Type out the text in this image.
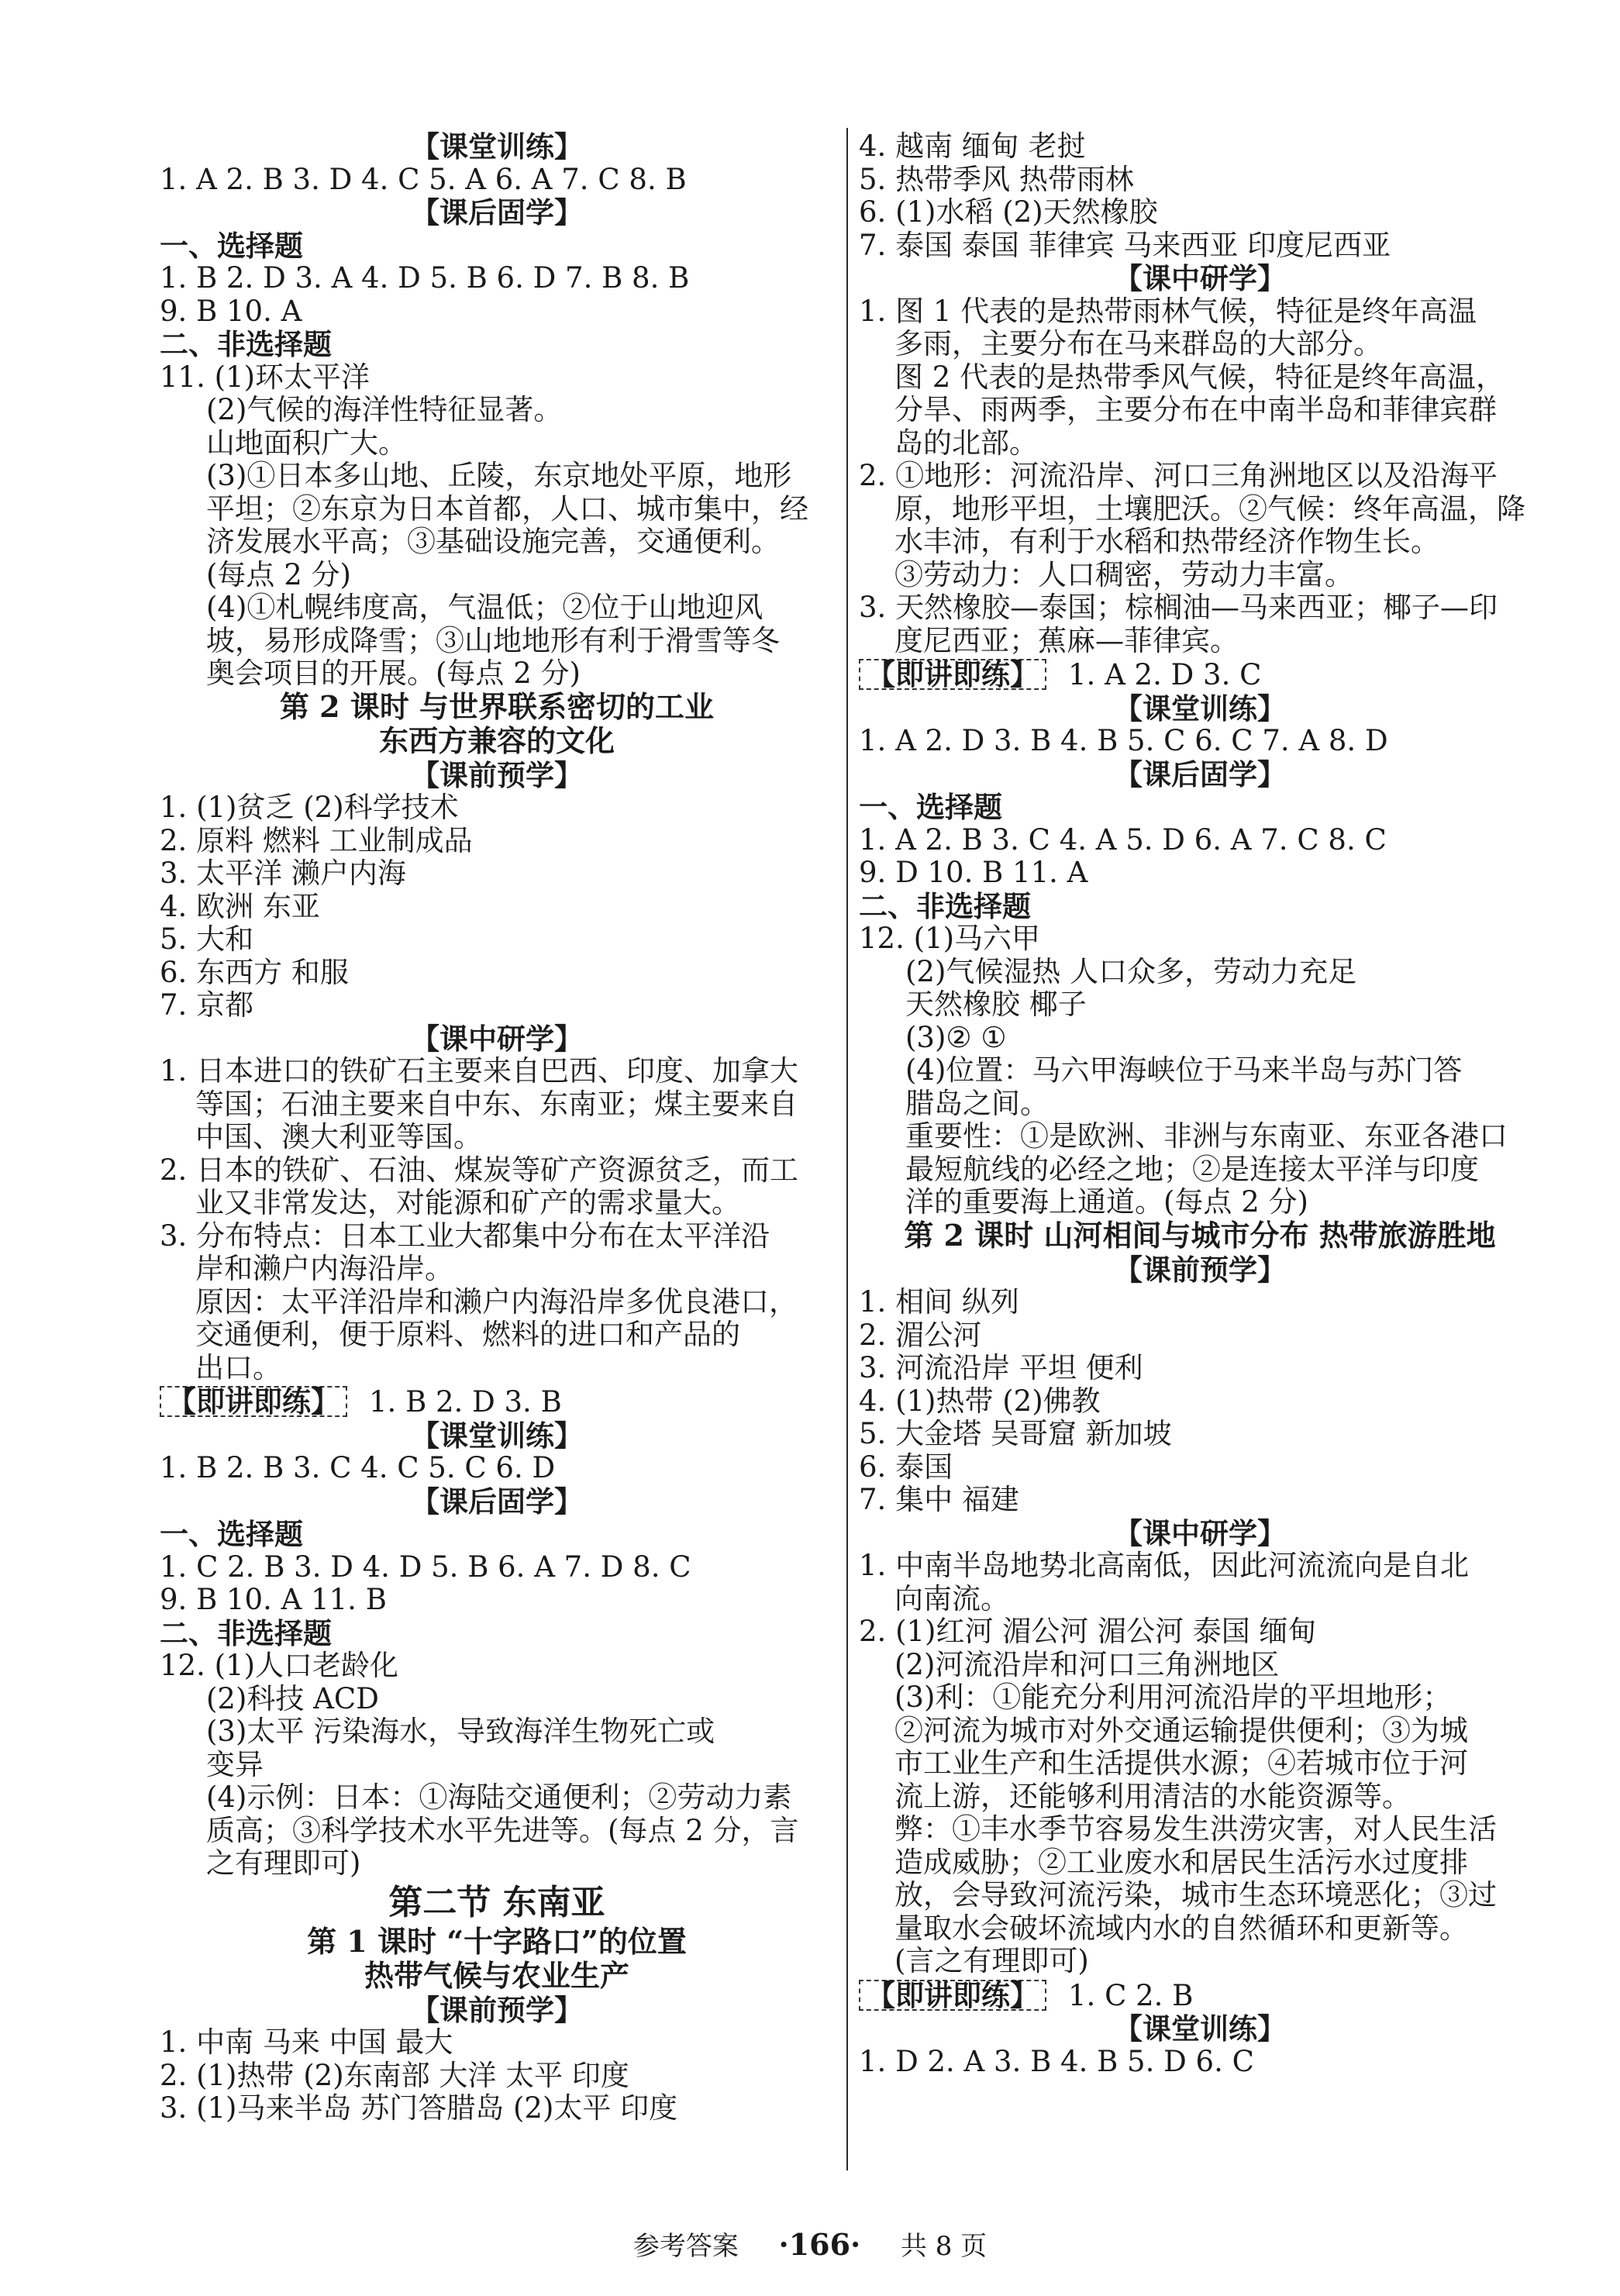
【课堂训练】
1. A 2. B 3. D 4. C 5. A 6. A 7. C 8. B
【课后固学】
一、选择题
1. B 2. D 3. A 4. D 5. B 6. D 7. B 8. B
9. B 10. A
二、非选择题
11. (1)环太平洋
(2)气候的海洋性特征显著。
山地面积广大。
(3)①日本多山地、丘陵，东京地处平原，地形
平坦；②东京为日本首都，人口、城市集中，经
济发展水平高；③基础设施完善，交通便利。
(每点 2 分)
(4)①札幌纬度高，气温低；②位于山地迎风
坡，易形成降雪；③山地地形有利于滑雪等冬
奥会项目的开展。(每点 2 分)
第 2 课时 与世界联系密切的工业
东西方兼容的文化
【课前预学】
1. (1)贫乏 (2)科学技术
2. 原料 燃料 工业制成品
3. 太平洋 濑户内海
4. 欧洲 东亚
5. 大和
6. 东西方 和服
7. 京都
【课中研学】
1. 日本进口的铁矿石主要来自巴西、印度、加拿大
等国；石油主要来自中东、东南亚；煤主要来自
中国、澳大利亚等国。
2. 日本的铁矿、石油、煤炭等矿产资源贫乏，而工
业又非常发达，对能源和矿产的需求量大。
3. 分布特点：日本工业大都集中分布在太平洋沿
岸和濑户内海沿岸。
原因：太平洋沿岸和濑户内海沿岸多优良港口，
交通便利，便于原料、燃料的进口和产品的
出口。
【即讲即练】 1. B 2. D 3. B
【课堂训练】
1. B 2. B 3. C 4. C 5. C 6. D
【课后固学】
一、选择题
1. C 2. B 3. D 4. D 5. B 6. A 7. D 8. C
9. B 10. A 11. B
二、非选择题
12. (1)人口老龄化
(2)科技 ACD
(3)太平 污染海水，导致海洋生物死亡或
变异
(4)示例：日本：①海陆交通便利；②劳动力素
质高；③科学技术水平先进等。(每点 2 分，言
之有理即可)
第二节 东南亚
第 1 课时 “十字路口”的位置
热带气候与农业生产
【课前预学】
1. 中南 马来 中国 最大
2. (1)热带 (2)东南部 大洋 太平 印度
3. (1)马来半岛 苏门答腊岛 (2)太平 印度
4. 越南 缅甸 老挝
5. 热带季风 热带雨林
6. (1)水稻 (2)天然橡胶
7. 泰国 泰国 菲律宾 马来西亚 印度尼西亚
【课中研学】
1. 图 1 代表的是热带雨林气候，特征是终年高温
多雨，主要分布在马来群岛的大部分。
图 2 代表的是热带季风气候，特征是终年高温，
分旱、雨两季，主要分布在中南半岛和菲律宾群
岛的北部。
2. ①地形：河流沿岸、河口三角洲地区以及沿海平
原，地形平坦，土壤肥沃。②气候：终年高温，降
水丰沛，有利于水稻和热带经济作物生长。
③劳动力：人口稠密，劳动力丰富。
3. 天然橡胶—泰国；棕榈油—马来西亚；椰子—印
度尼西亚；蕉麻—菲律宾。
【即讲即练】 1. A 2. D 3. C
【课堂训练】
1. A 2. D 3. B 4. B 5. C 6. C 7. A 8. D
【课后固学】
一、选择题
1. A 2. B 3. C 4. A 5. D 6. A 7. C 8. C
9. D 10. B 11. A
二、非选择题
12. (1)马六甲
(2)气候湿热 人口众多，劳动力充足
天然橡胶 椰子
(3)② ①
(4)位置：马六甲海峡位于马来半岛与苏门答
腊岛之间。
重要性：①是欧洲、非洲与东南亚、东亚各港口
最短航线的必经之地；②是连接太平洋与印度
洋的重要海上通道。(每点 2 分)
第 2 课时 山河相间与城市分布 热带旅游胜地
【课前预学】
1. 相间 纵列
2. 湄公河
3. 河流沿岸 平坦 便利
4. (1)热带 (2)佛教
5. 大金塔 吴哥窟 新加坡
6. 泰国
7. 集中 福建
【课中研学】
1. 中南半岛地势北高南低，因此河流流向是自北
向南流。
2. (1)红河 湄公河 湄公河 泰国 缅甸
(2)河流沿岸和河口三角洲地区
(3)利：①能充分利用河流沿岸的平坦地形；
②河流为城市对外交通运输提供便利；③为城
市工业生产和生活提供水源；④若城市位于河
流上游，还能够利用清洁的水能资源等。
弊：①丰水季节容易发生洪涝灾害，对人民生活
造成威胁；②工业废水和居民生活污水过度排
放，会导致河流污染，城市生态环境恶化；③过
量取水会破坏流域内水的自然循环和更新等。
(言之有理即可)
【即讲即练】 1. C 2. B
【课堂训练】
1. D 2. A 3. B 4. B 5. D 6. C
参考答案 ·166· 共 8 页
